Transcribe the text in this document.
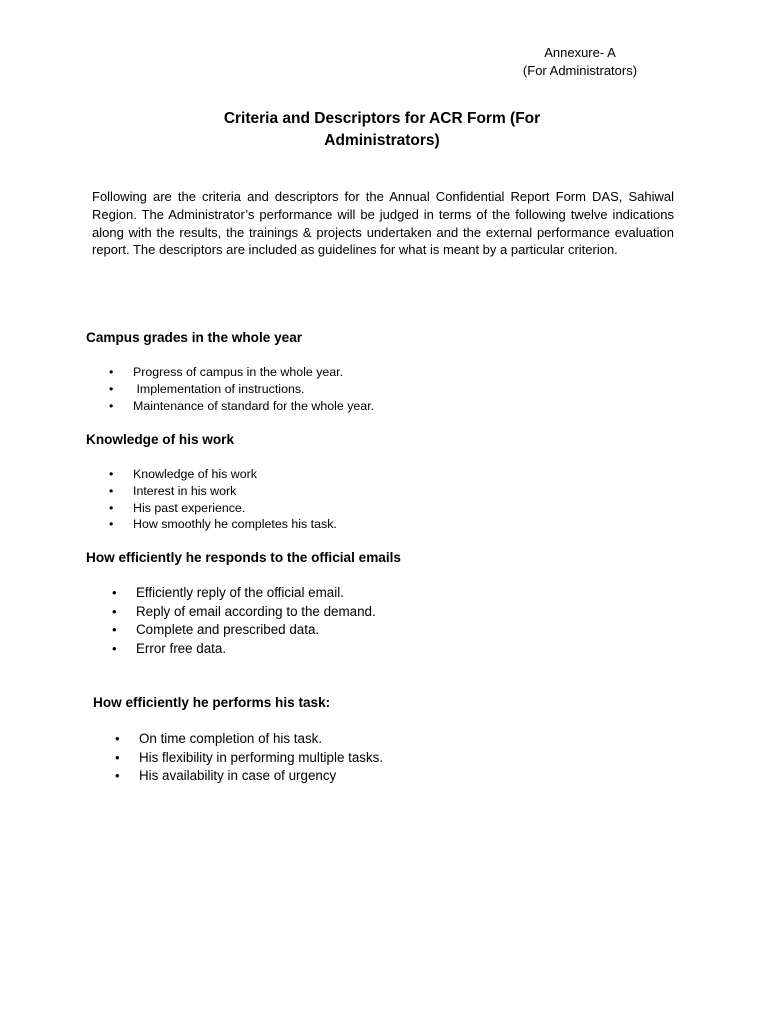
Annexure- A
(For Administrators)
Criteria and Descriptors for ACR Form (For
Administrators)

Following are the criteria and descriptors for the Annual Confidential Report Form DAS, Sahiwal Region. The Administrator’s performance will be judged in terms of the following twelve indications along with the results, the trainings & projects undertaken and the external performance evaluation report. The descriptors are included as guidelines for what is meant by a particular criterion.

Campus grades in the whole year
• Progress of campus in the whole year.
•  Implementation of instructions.
• Maintenance of standard for the whole year.
Knowledge of his work
• Knowledge of his work
• Interest in his work
• His past experience.
• How smoothly he completes his task.
How efficiently he responds to the official emails
• Efficiently reply of the official email.
• Reply of email according to the demand.
• Complete and prescribed data.
• Error free data.
How efficiently he performs his task:
• On time completion of his task.
• His flexibility in performing multiple tasks.
• His availability in case of urgency
